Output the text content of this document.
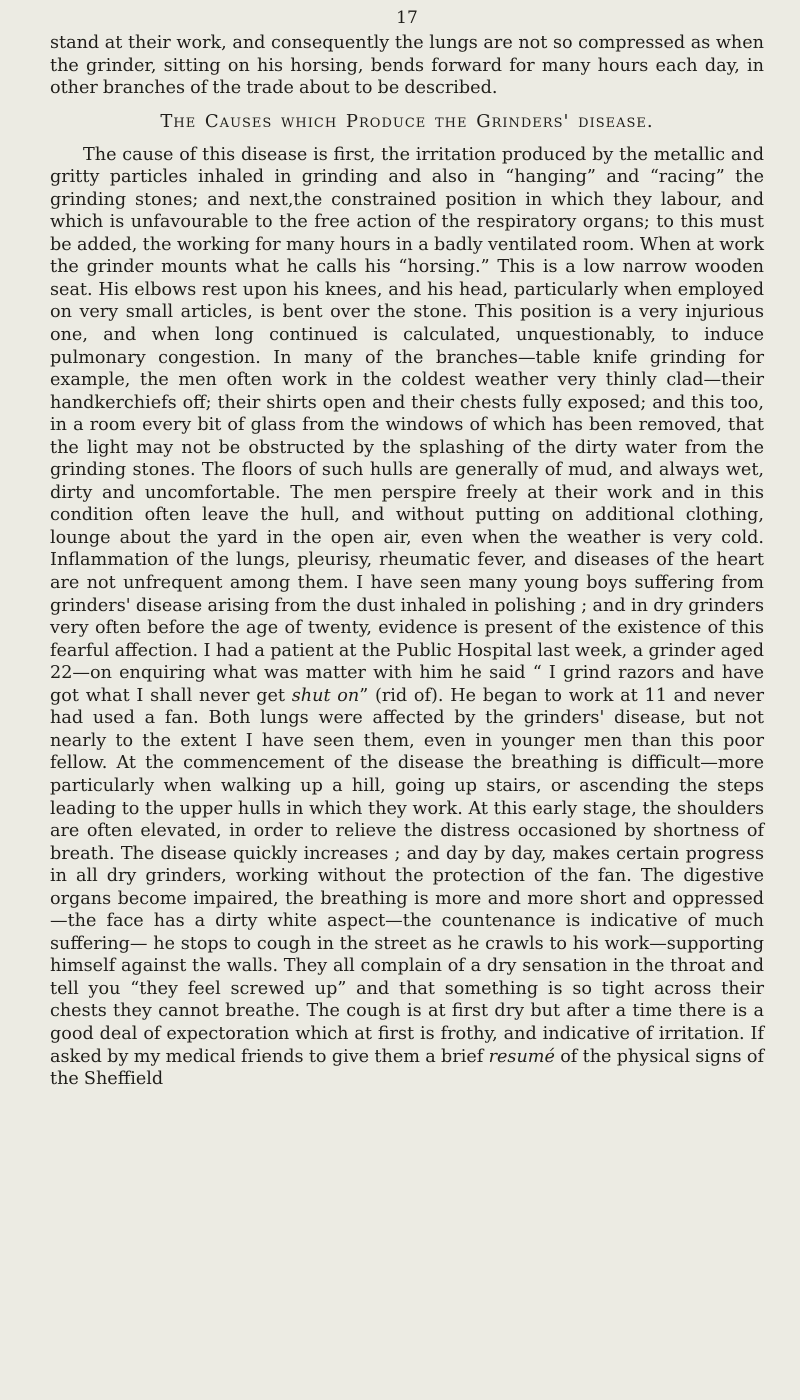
17

stand at their work, and consequently the lungs are not so compressed as when the grinder, sitting on his horsing, bends forward for many hours each day, in other branches of the trade about to be described.

The Causes which Produce the Grinders' disease.

The cause of this disease is first, the irritation produced by the metallic and gritty particles inhaled in grinding and also in “hanging” and “racing” the grinding stones; and next,the constrained position in which they labour, and which is unfavourable to the free action of the respiratory organs; to this must be added, the working for many hours in a badly ventilated room. When at work the grinder mounts what he calls his “horsing.” This is a low narrow wooden seat. His elbows rest upon his knees, and his head, particularly when employed on very small articles, is bent over the stone. This position is a very injurious one, and when long continued is calculated, unquestionably, to induce pulmonary congestion. In many of the branches—table knife grinding for example, the men often work in the coldest weather very thinly clad—their handkerchiefs off; their shirts open and their chests fully exposed; and this too, in a room every bit of glass from the windows of which has been removed, that the light may not be obstructed by the splashing of the dirty water from the grinding stones. The floors of such hulls are generally of mud, and always wet, dirty and uncomfortable. The men perspire freely at their work and in this condition often leave the hull, and without putting on additional clothing, lounge about the yard in the open air, even when the weather is very cold. Inflammation of the lungs, pleurisy, rheumatic fever, and diseases of the heart are not unfrequent among them. I have seen many young boys suffering from grinders' disease arising from the dust inhaled in polishing ; and in dry grinders very often before the age of twenty, evidence is present of the existence of this fearful affection. I had a patient at the Public Hospital last week, a grinder aged 22—on enquiring what was matter with him he said “ I grind razors and have got what I shall never get shut on” (rid of). He began to work at 11 and never had used a fan. Both lungs were affected by the grinders' disease, but not nearly to the extent I have seen them, even in younger men than this poor fellow. At the commencement of the disease the breathing is difficult—more particularly when walking up a hill, going up stairs, or ascending the steps leading to the upper hulls in which they work. At this early stage, the shoulders are often elevated, in order to relieve the distress occasioned by shortness of breath. The disease quickly increases ; and day by day, makes certain progress in all dry grinders, working without the protection of the fan. The digestive organs become impaired, the breathing is more and more short and oppressed—the face has a dirty white aspect—the countenance is indicative of much suffering— he stops to cough in the street as he crawls to his work—supporting himself against the walls. They all complain of a dry sensation in the throat and tell you “they feel screwed up” and that something is so tight across their chests they cannot breathe. The cough is at first dry but after a time there is a good deal of expectoration which at first is frothy, and indicative of irritation. If asked by my medical friends to give them a brief resumé of the physical signs of the Sheffield
